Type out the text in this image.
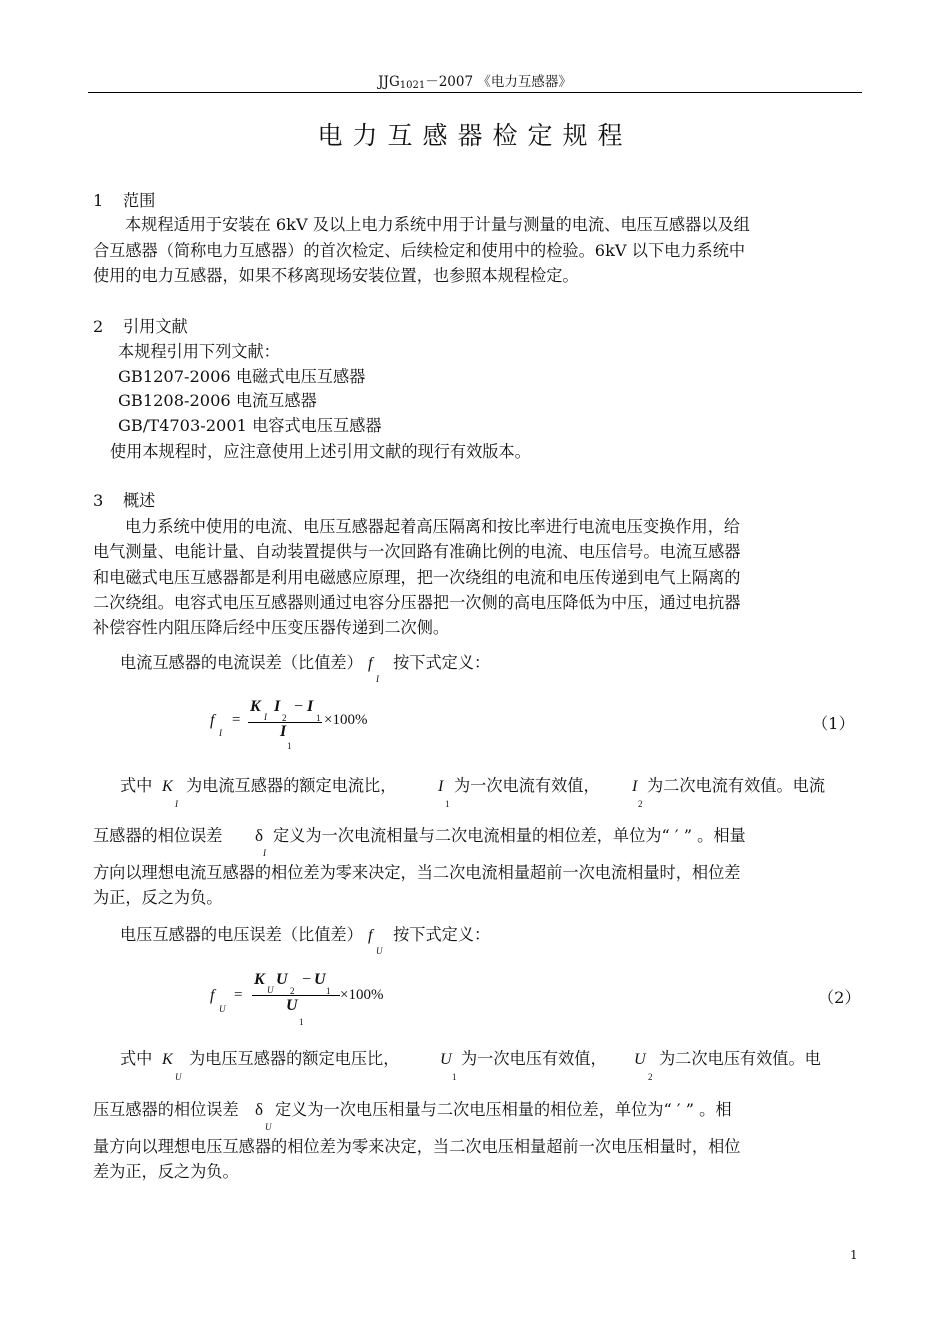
$JJG_{1021}-2007$ 《电力互感器》
电力互感器检定规程
1 范围
本规程适用于安装在 6kV 及以上电力系统中用于计量与测量的电流、电压互感器以及组
合互感器（简称电力互感器）的首次检定、后续检定和使用中的检验。6kV 以下电力系统中
使用的电力互感器，如果不移离现场安装位置，也参照本规程检定。
2 引用文献
本规程引用下列文献：
GB1207-2006 电磁式电压互感器
GB1208-2006 电流互感器
GB/T4703-2001 电容式电压互感器
使用本规程时，应注意使用上述引用文献的现行有效版本。
3 概述
电力系统中使用的电流、电压互感器起着高压隔离和按比率进行电流电压变换作用，给
电气测量、电能计量、自动装置提供与一次回路有准确比例的电流、电压信号。电流互感器
和电磁式电压互感器都是利用电磁感应原理，把一次绕组的电流和电压传递到电气上隔离的
二次绕组。电容式电压互感器则通过电容分压器把一次侧的高电压降低为中压，通过电抗器
补偿容性内阻压降后经中压变压器传递到二次侧。
电流互感器的电流误差（比值差） f
I
按下式定义：
f
I
=
K
I
I
2
− I
1
I
1
×100%	（1）
式中 K
I
为电流互感器的额定电流比，	I
1
为一次电流有效值， I
2
为二次电流有效值。电流
互感器的相位误差 δ
I
定义为一次电流相量与二次电流相量的相位差，单位为“ ′ ” 。相量
方向以理想电流互感器的相位差为零来决定，当二次电流相量超前一次电流相量时，相位差
为正，反之为负。
电压互感器的电压误差（比值差） f
U
按下式定义：
f
U
=
K
U
U
2
− U
1
U
1
×100%	（2）
式中 K
U
为电压互感器的额定电压比，	U
1
为一次电压有效值， U
2
为二次电压有效值。电
压互感器的相位误差 δ
U
定义为一次电压相量与二次电压相量的相位差，单位为“ ′ ” 。相
量方向以理想电压互感器的相位差为零来决定，当二次电压相量超前一次电压相量时，相位
差为正，反之为负。
1
